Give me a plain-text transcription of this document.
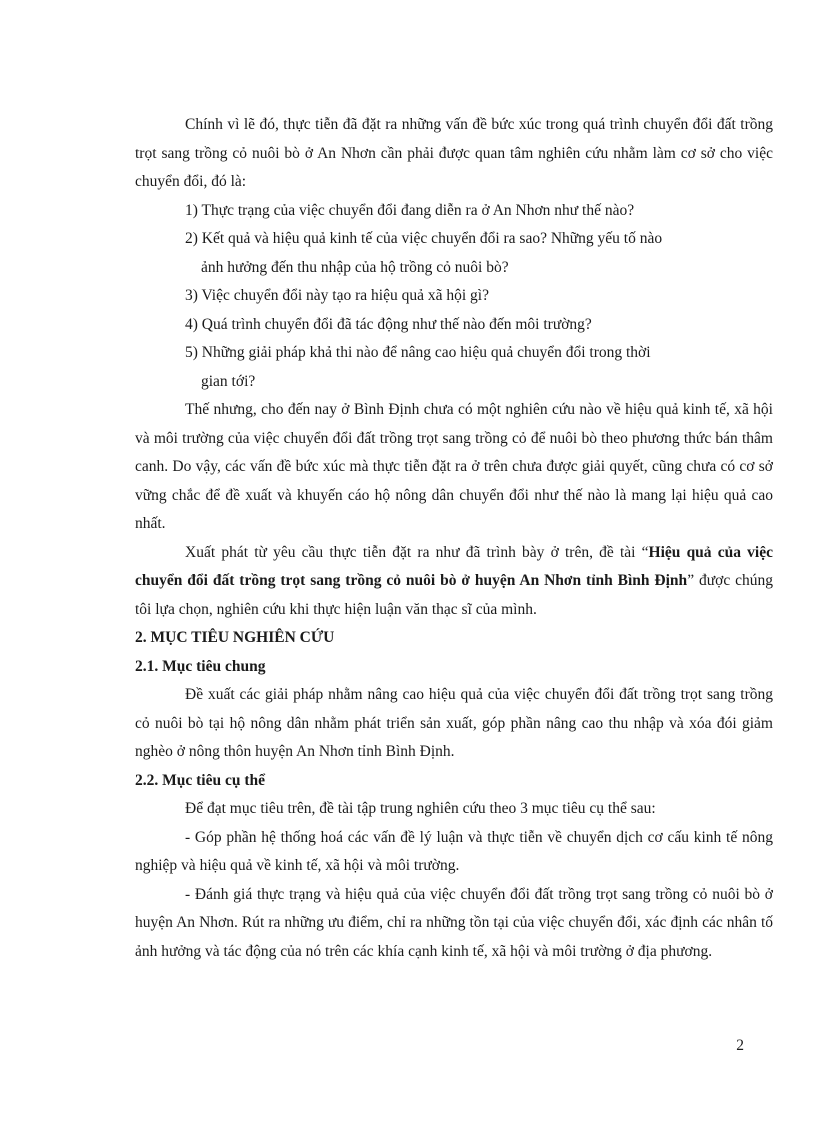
Chính vì lẽ đó, thực tiễn đã đặt ra những vấn đề bức xúc trong quá trình chuyển đổi đất trồng trọt sang trồng cỏ nuôi bò ở An Nhơn cần phải được quan tâm nghiên cứu nhằm làm cơ sở cho việc chuyển đổi, đó là:

1) Thực trạng của việc chuyển đổi đang diễn ra ở An Nhơn như thế nào?

2) Kết quả và hiệu quả kinh tế của việc chuyển đổi ra sao? Những yếu tố nào
ảnh hưởng đến thu nhập của hộ trồng cỏ nuôi bò?

3) Việc chuyển đổi này tạo ra hiệu quả xã hội gì?

4) Quá trình chuyển đổi đã tác động như thế nào đến môi trường?

5) Những giải pháp khả thi nào để nâng cao hiệu quả chuyển đổi trong thời
gian tới?

Thế nhưng, cho đến nay ở Bình Định chưa có một nghiên cứu nào về hiệu quả kinh tế, xã hội và môi trường của việc chuyển đổi đất trồng trọt sang trồng cỏ để nuôi bò theo phương thức bán thâm canh. Do vậy, các vấn đề bức xúc mà thực tiễn đặt ra ở trên chưa được giải quyết, cũng chưa có cơ sở vững chắc để đề xuất và khuyến cáo hộ nông dân chuyển đổi như thế nào là mang lại hiệu quả cao nhất.

Xuất phát từ yêu cầu thực tiễn đặt ra như đã trình bày ở trên, đề tài “Hiệu quả của việc chuyển đổi đất trồng trọt sang trồng cỏ nuôi bò ở huyện An Nhơn tỉnh Bình Định” được chúng tôi lựa chọn, nghiên cứu khi thực hiện luận văn thạc sĩ của mình.

2. MỤC TIÊU NGHIÊN CỨU

2.1. Mục tiêu chung

Đề xuất các giải pháp nhằm nâng cao hiệu quả của việc chuyển đổi đất trồng trọt sang trồng cỏ nuôi bò tại hộ nông dân nhằm phát triển sản xuất, góp phần nâng cao thu nhập và xóa đói giảm nghèo ở nông thôn huyện An Nhơn tỉnh Bình Định.

2.2. Mục tiêu cụ thể

Để đạt mục tiêu trên, đề tài tập trung nghiên cứu theo 3 mục tiêu cụ thể sau:

- Góp phần hệ thống hoá các vấn đề lý luận và thực tiễn về chuyển dịch cơ cấu kinh tế nông nghiệp và hiệu quả về kinh tế, xã hội và môi trường.

- Đánh giá thực trạng và hiệu quả của việc chuyển đổi đất trồng trọt sang trồng cỏ nuôi bò ở huyện An Nhơn. Rút ra những ưu điểm, chỉ ra những tồn tại của việc chuyển đổi, xác định các nhân tố ảnh hưởng và tác động của nó trên các khía cạnh kinh tế, xã hội và môi trường ở địa phương.

2
